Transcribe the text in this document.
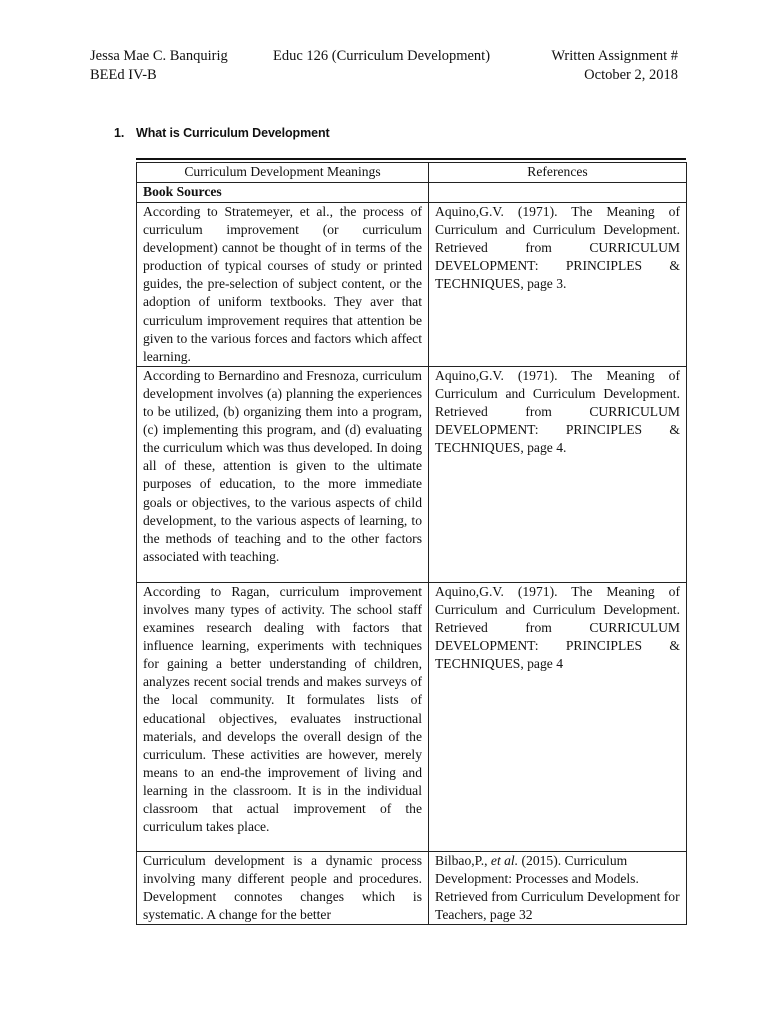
Jessa Mae C. Banquirig	Educ 126 (Curriculum Development)	Written Assignment #
BEEd IV-B	October 2, 2018
1. What is Curriculum Development
Curriculum Development Meanings	References
Book Sources	
According to Stratemeyer, et al., the process of curriculum improvement (or curriculum development) cannot be thought of in terms of the production of typical courses of study or printed guides, the pre-selection of subject content, or the adoption of uniform textbooks. They aver that curriculum improvement requires that attention be given to the various forces and factors which affect learning.	Aquino,G.V. (1971). The Meaning of Curriculum and Curriculum Development. Retrieved from CURRICULUM DEVELOPMENT: PRINCIPLES & TECHNIQUES, page 3.
According to Bernardino and Fresnoza, curriculum development involves (a) planning the experiences to be utilized, (b) organizing them into a program, (c) implementing this program, and (d) evaluating the curriculum which was thus developed. In doing all of these, attention is given to the ultimate purposes of education, to the more immediate goals or objectives, to the various aspects of child development, to the various aspects of learning, to the methods of teaching and to the other factors associated with teaching.	Aquino,G.V. (1971). The Meaning of Curriculum and Curriculum Development. Retrieved from CURRICULUM DEVELOPMENT: PRINCIPLES & TECHNIQUES, page 4.
According to Ragan, curriculum improvement involves many types of activity. The school staff examines research dealing with factors that influence learning, experiments with techniques for gaining a better understanding of children, analyzes recent social trends and makes surveys of the local community. It formulates lists of educational objectives, evaluates instructional materials, and develops the overall design of the curriculum. These activities are however, merely means to an end-the improvement of living and learning in the classroom. It is in the individual classroom that actual improvement of the curriculum takes place.	Aquino,G.V. (1971). The Meaning of Curriculum and Curriculum Development. Retrieved from CURRICULUM DEVELOPMENT: PRINCIPLES & TECHNIQUES, page 4
Curriculum development is a dynamic process involving many different people and procedures. Development connotes changes which is systematic. A change for the better	Bilbao,P., et al. (2015). Curriculum Development: Processes and Models. Retrieved from Curriculum Development for Teachers, page 32
